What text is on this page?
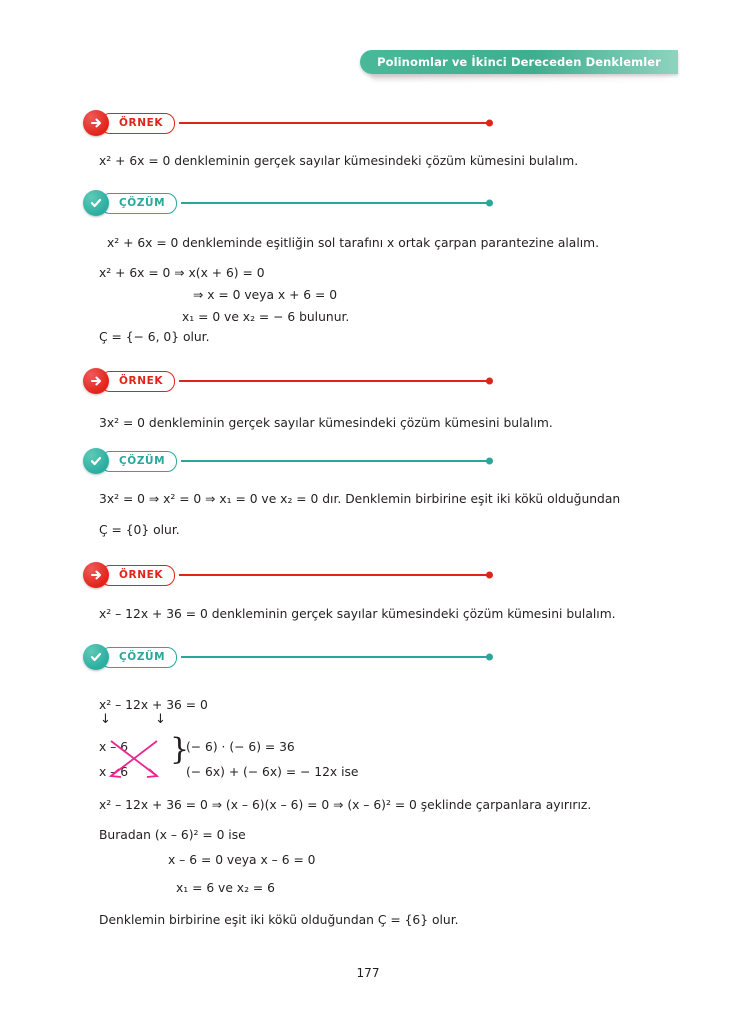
Polinomlar ve İkinci Dereceden Denklemler
ÖRNEK
x² + 6x = 0 denkleminin gerçek sayılar kümesindeki çözüm kümesini bulalım.
ÇÖZÜM
x² + 6x = 0 denkleminde eşitliğin sol tarafını x ortak çarpan parantezine alalım.
x² + 6x = 0 ⇒ x(x + 6) = 0
⇒ x = 0 veya x + 6 = 0
x₁ = 0 ve x₂ = − 6 bulunur.
Ç = {− 6, 0} olur.
ÖRNEK
3x² = 0 denkleminin gerçek sayılar kümesindeki çözüm kümesini bulalım.
ÇÖZÜM
3x² = 0 ⇒ x² = 0 ⇒ x₁ = 0 ve x₂ = 0 dır. Denklemin birbirine eşit iki kökü olduğundan
Ç = {0} olur.
ÖRNEK
x² – 12x + 36 = 0 denkleminin gerçek sayılar kümesindeki çözüm kümesini bulalım.
ÇÖZÜM
x² – 12x + 36 = 0
↓	↓
x – 6
x – 6
}
(− 6) · (− 6) = 36
(− 6x) + (− 6x) = − 12x ise
x² – 12x + 36 = 0 ⇒ (x – 6)(x – 6) = 0 ⇒ (x – 6)² = 0 şeklinde çarpanlara ayırırız.
Buradan (x – 6)² = 0 ise
x – 6 = 0 veya x – 6 = 0
x₁ = 6 ve x₂ = 6
Denklemin birbirine eşit iki kökü olduğundan Ç = {6} olur.
177
